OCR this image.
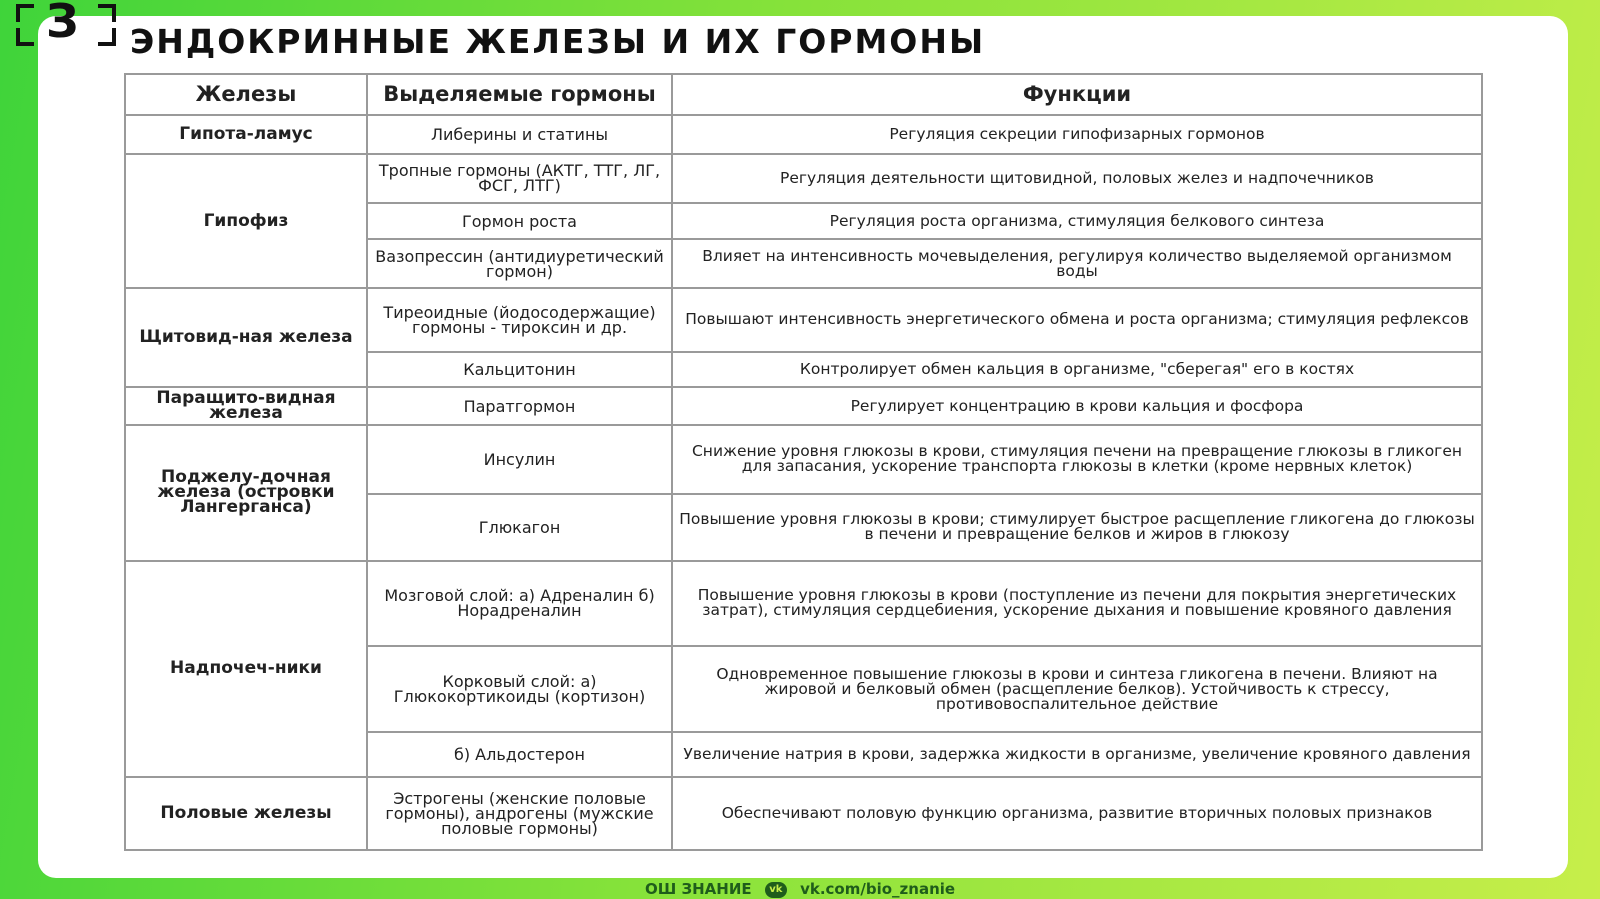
З ЭНДОКРИННЫЕ ЖЕЛЕЗЫ И ИХ ГОРМОНЫ
Железы	Выделяемые гормоны	Функции
Гипота-ламус	Либерины и статины	Регуляция секреции гипофизарных гормонов
Гипофиз	Тропные гормоны (АКТГ, ТТГ, ЛГ, ФСГ, ЛТГ)	Регуляция деятельности щитовидной, половых желез и надпочечников
	Гормон роста	Регуляция роста организма, стимуляция белкового синтеза
	Вазопрессин (антидиуретический гормон)	Влияет на интенсивность мочевыделения, регулируя количество выделяемой организмом воды
Щитовид-ная железа	Тиреоидные (йодосодержащие) гормоны - тироксин и др.	Повышают интенсивность энергетического обмена и роста организма; стимуляция рефлексов
	Кальцитонин	Контролирует обмен кальция в организме, "сберегая" его в костях
Паращито-видная железа	Паратгормон	Регулирует концентрацию в крови кальция и фосфора
Поджелу-дочная железа (островки Лангерганса)	Инсулин	Снижение уровня глюкозы в крови, стимуляция печени на превращение глюкозы в гликоген для запасания, ускорение транспорта глюкозы в клетки (кроме нервных клеток)
	Глюкагон	Повышение уровня глюкозы в крови; стимулирует быстрое расщепление гликогена до глюкозы в печени и превращение белков и жиров в глюкозу
Надпочеч-ники	Мозговой слой: а) Адреналин б) Норадреналин	Повышение уровня глюкозы в крови (поступление из печени для покрытия энергетических затрат), стимуляция сердцебиения, ускорение дыхания и повышение кровяного давления
	Корковый слой: а) Глюкокортикоиды (кортизон)	Одновременное повышение глюкозы в крови и синтеза гликогена в печени. Влияют на жировой и белковый обмен (расщепление белков). Устойчивость к стрессу, противовоспалительное действие
	б) Альдостерон	Увеличение натрия в крови, задержка жидкости в организме, увеличение кровяного давления
Половые железы	Эстрогены (женские половые гормоны), андрогены (мужские половые гормоны)	Обеспечивают половую функцию организма, развитие вторичных половых признаков
ОШ ЗНАНИЕ vk vk.com/bio_znanie
